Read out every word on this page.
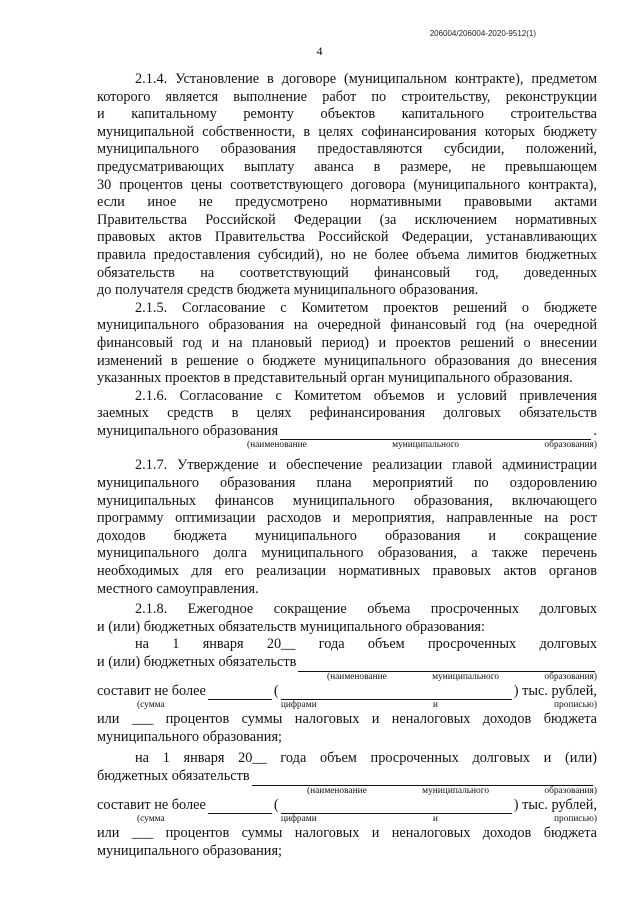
206004/206004-2020-9512(1)
4

2.1.4. Установление в договоре (муниципальном контракте), предметом

которого является выполнение работ по строительству, реконструкции

и капитальному ремонту объектов капитального строительства

муниципальной собственности, в целях софинансирования которых бюджету

муниципального образования предоставляются субсидии, положений,

предусматривающих выплату аванса в размере, не превышающем

30 процентов цены соответствующего договора (муниципального контракта),

если иное не предусмотрено нормативными правовыми актами

Правительства Российской Федерации (за исключением нормативных

правовых актов Правительства Российской Федерации, устанавливающих

правила предоставления субсидий), но не более объема лимитов бюджетных

обязательств на соответствующий финансовый год, доведенных

до получателя средств бюджета муниципального образования.

2.1.5. Согласование с Комитетом проектов решений о бюджете

муниципального образования на очередной финансовый год (на очередной

финансовый год и на плановый период) и проектов решений о внесении

изменений в решение о бюджете муниципального образования до внесения

указанных проектов в представительный орган муниципального образования.

2.1.6. Согласование с Комитетом объемов и условий привлечения

заемных средств в целях рефинансирования долговых обязательств

муниципального образования	.

(наименование муниципального образования)

2.1.7. Утверждение и обеспечение реализации главой администрации

муниципального образования плана мероприятий по оздоровлению

муниципальных финансов муниципального образования, включающего

программу оптимизации расходов и мероприятия, направленные на рост

доходов бюджета муниципального образования и сокращение

муниципального долга муниципального образования, а также перечень

необходимых для его реализации нормативных правовых актов органов

местного самоуправления.

2.1.8. Ежегодное сокращение объема просроченных долговых

и (или) бюджетных обязательств муниципального образования:

на 1 января 20__ года объем просроченных долговых

и (или) бюджетных обязательств

(наименование муниципального образования)

составит не более	(	) тыс. рублей,

(сумма цифрами и прописью)

или ___ процентов суммы налоговых и неналоговых доходов бюджета

муниципального образования;

на 1 января 20__ года объем просроченных долговых и (или)

бюджетных обязательств

(наименование муниципального образования)

составит не более	(	) тыс. рублей,

(сумма цифрами и прописью)

или ___ процентов суммы налоговых и неналоговых доходов бюджета

муниципального образования;
